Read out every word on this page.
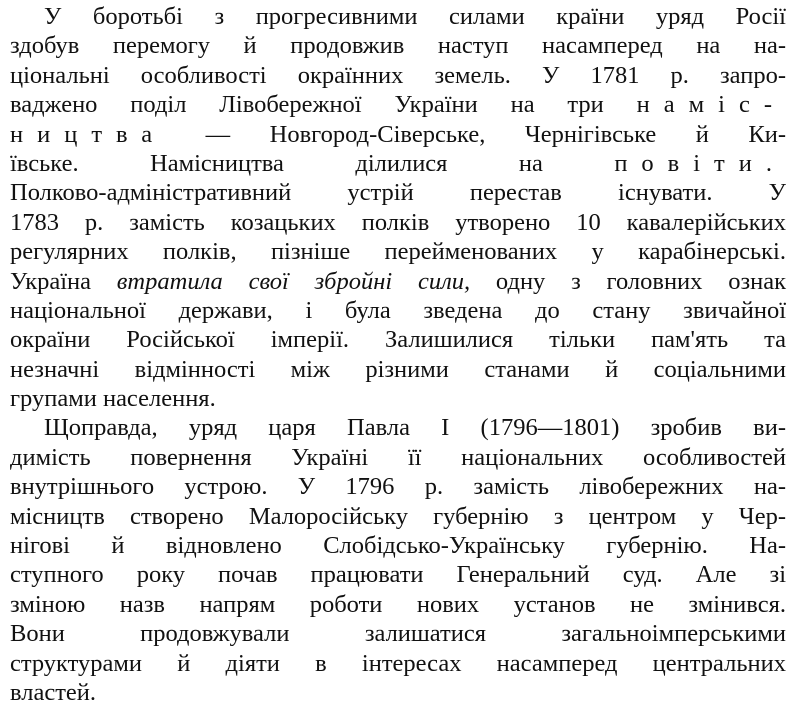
У боротьбі з прогресивними силами країни уряд Росії
здобув перемогу й продовжив наступ насамперед на на-
ціональні особливості окраїнних земель. У 1781 р. запро-
ваджено поділ Лівобережної України на три наміс-
ництва — Новгород-Сіверське, Чернігівське й Ки-
ївське. Намісництва ділилися на повіти.
Полково-адміністративний устрій перестав існувати. У
1783 р. замість козацьких полків утворено 10 кавалерійських
регулярних полків, пізніше перейменованих у карабінерські.
Україна втратила свої збройні сили, одну з головних ознак
національної держави, і була зведена до стану звичайної
окраїни Російської імперії. Залишилися тільки пам'ять та
незначні відмінності між різними станами й соціальними
групами населення.
Щоправда, уряд царя Павла І (1796—1801) зробив ви-
димість повернення Україні її національних особливостей
внутрішнього устрою. У 1796 р. замість лівобережних на-
місництв створено Малоросійську губернію з центром у Чер-
нігові й відновлено Слобідсько-Українську губернію. На-
ступного року почав працювати Генеральний суд. Але зі
зміною назв напрям роботи нових установ не змінився.
Вони продовжували залишатися загальноімперськими
структурами й діяти в інтересах насамперед центральних
властей.
